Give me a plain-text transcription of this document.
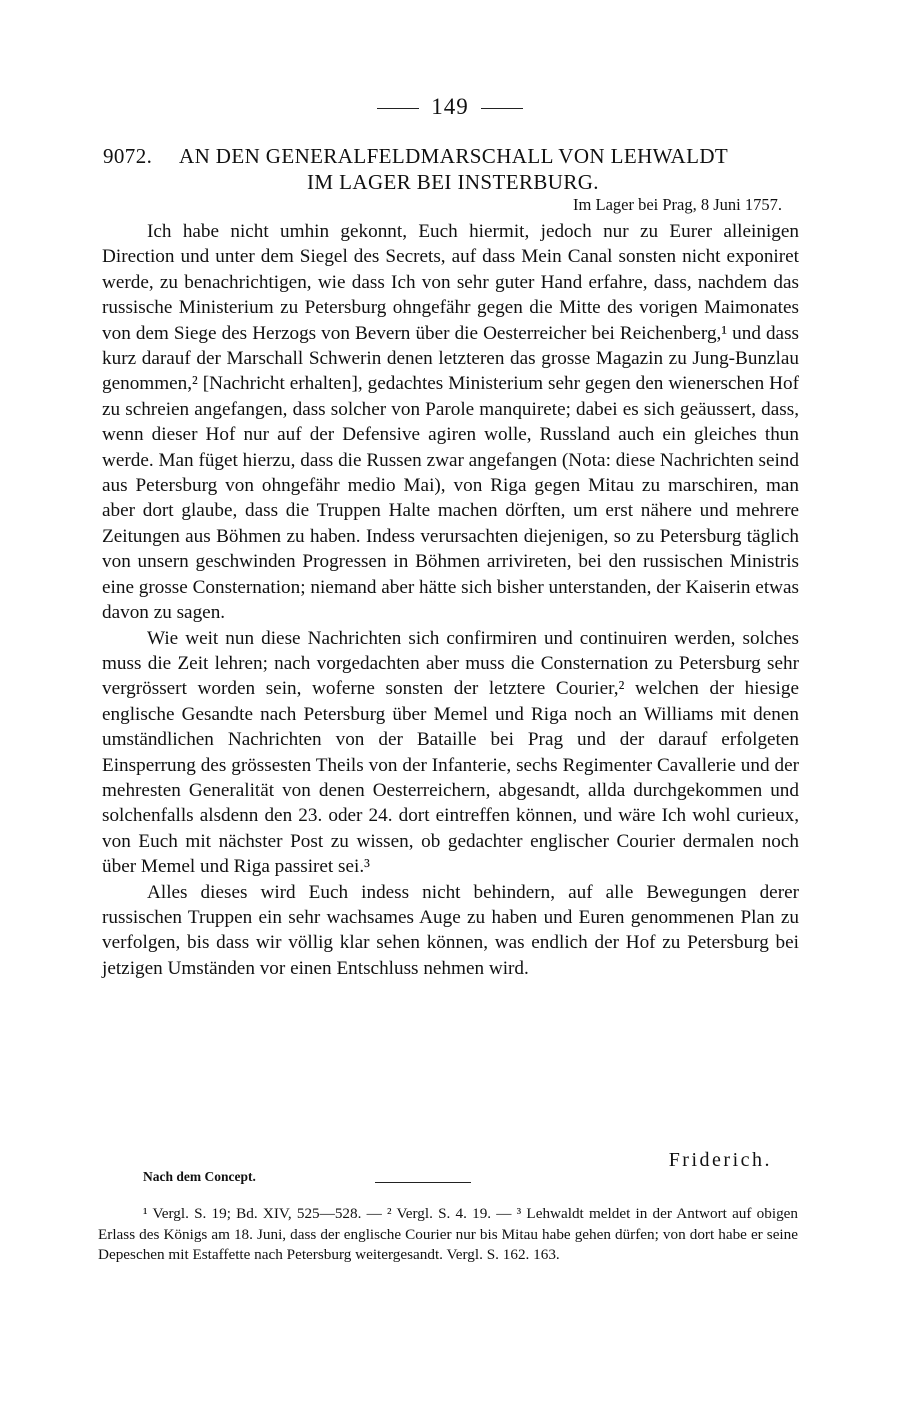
149
9072. AN DEN GENERALFELDMARSCHALL VON LEHWALDT
IM LAGER BEI INSTERBURG.
Im Lager bei Prag, 8 Juni 1757.

Ich habe nicht umhin gekonnt, Euch hiermit, jedoch nur zu Eurer alleinigen Direction und unter dem Siegel des Secrets, auf dass Mein Canal sonsten nicht exponiret werde, zu benachrichtigen, wie dass Ich von sehr guter Hand erfahre, dass, nachdem das russische Ministerium zu Petersburg ohngefähr gegen die Mitte des vorigen Maimonates von dem Siege des Herzogs von Bevern über die Oesterreicher bei Reichenberg,¹ und dass kurz darauf der Marschall Schwerin denen letzteren das grosse Magazin zu Jung-Bunzlau genommen,² [Nachricht erhalten], gedachtes Ministerium sehr gegen den wienerschen Hof zu schreien angefangen, dass solcher von Parole manquirete; dabei es sich geäussert, dass, wenn dieser Hof nur auf der Defensive agiren wolle, Russland auch ein gleiches thun werde. Man füget hierzu, dass die Russen zwar angefangen (Nota: diese Nachrichten seind aus Petersburg von ohngefähr medio Mai), von Riga gegen Mitau zu marschiren, man aber dort glaube, dass die Truppen Halte machen dörften, um erst nähere und mehrere Zeitungen aus Böhmen zu haben. Indess verursachten diejenigen, so zu Petersburg täglich von unsern geschwinden Progressen in Böhmen arrivireten, bei den russischen Ministris eine grosse Consternation; niemand aber hätte sich bisher unterstanden, der Kaiserin etwas davon zu sagen.

Wie weit nun diese Nachrichten sich confirmiren und continuiren werden, solches muss die Zeit lehren; nach vorgedachten aber muss die Consternation zu Petersburg sehr vergrössert worden sein, woferne sonsten der letztere Courier,² welchen der hiesige englische Gesandte nach Petersburg über Memel und Riga noch an Williams mit denen umständlichen Nachrichten von der Bataille bei Prag und der darauf erfolgeten Einsperrung des grössesten Theils von der Infanterie, sechs Regimenter Cavallerie und der mehresten Generalität von denen Oesterreichern, abgesandt, allda durchgekommen und solchenfalls alsdenn den 23. oder 24. dort eintreffen können, und wäre Ich wohl curieux, von Euch mit nächster Post zu wissen, ob gedachter englischer Courier dermalen noch über Memel und Riga passiret sei.³

Alles dieses wird Euch indess nicht behindern, auf alle Bewegungen derer russischen Truppen ein sehr wachsames Auge zu haben und Euren genommenen Plan zu verfolgen, bis dass wir völlig klar sehen können, was endlich der Hof zu Petersburg bei jetzigen Umständen vor einen Entschluss nehmen wird.

Friderich.
Nach dem Concept.

¹ Vergl. S. 19; Bd. XIV, 525—528. — ² Vergl. S. 4. 19. — ³ Lehwaldt meldet in der Antwort auf obigen Erlass des Königs am 18. Juni, dass der englische Courier nur bis Mitau habe gehen dürfen; von dort habe er seine Depeschen mit Estaffette nach Petersburg weitergesandt. Vergl. S. 162. 163.
